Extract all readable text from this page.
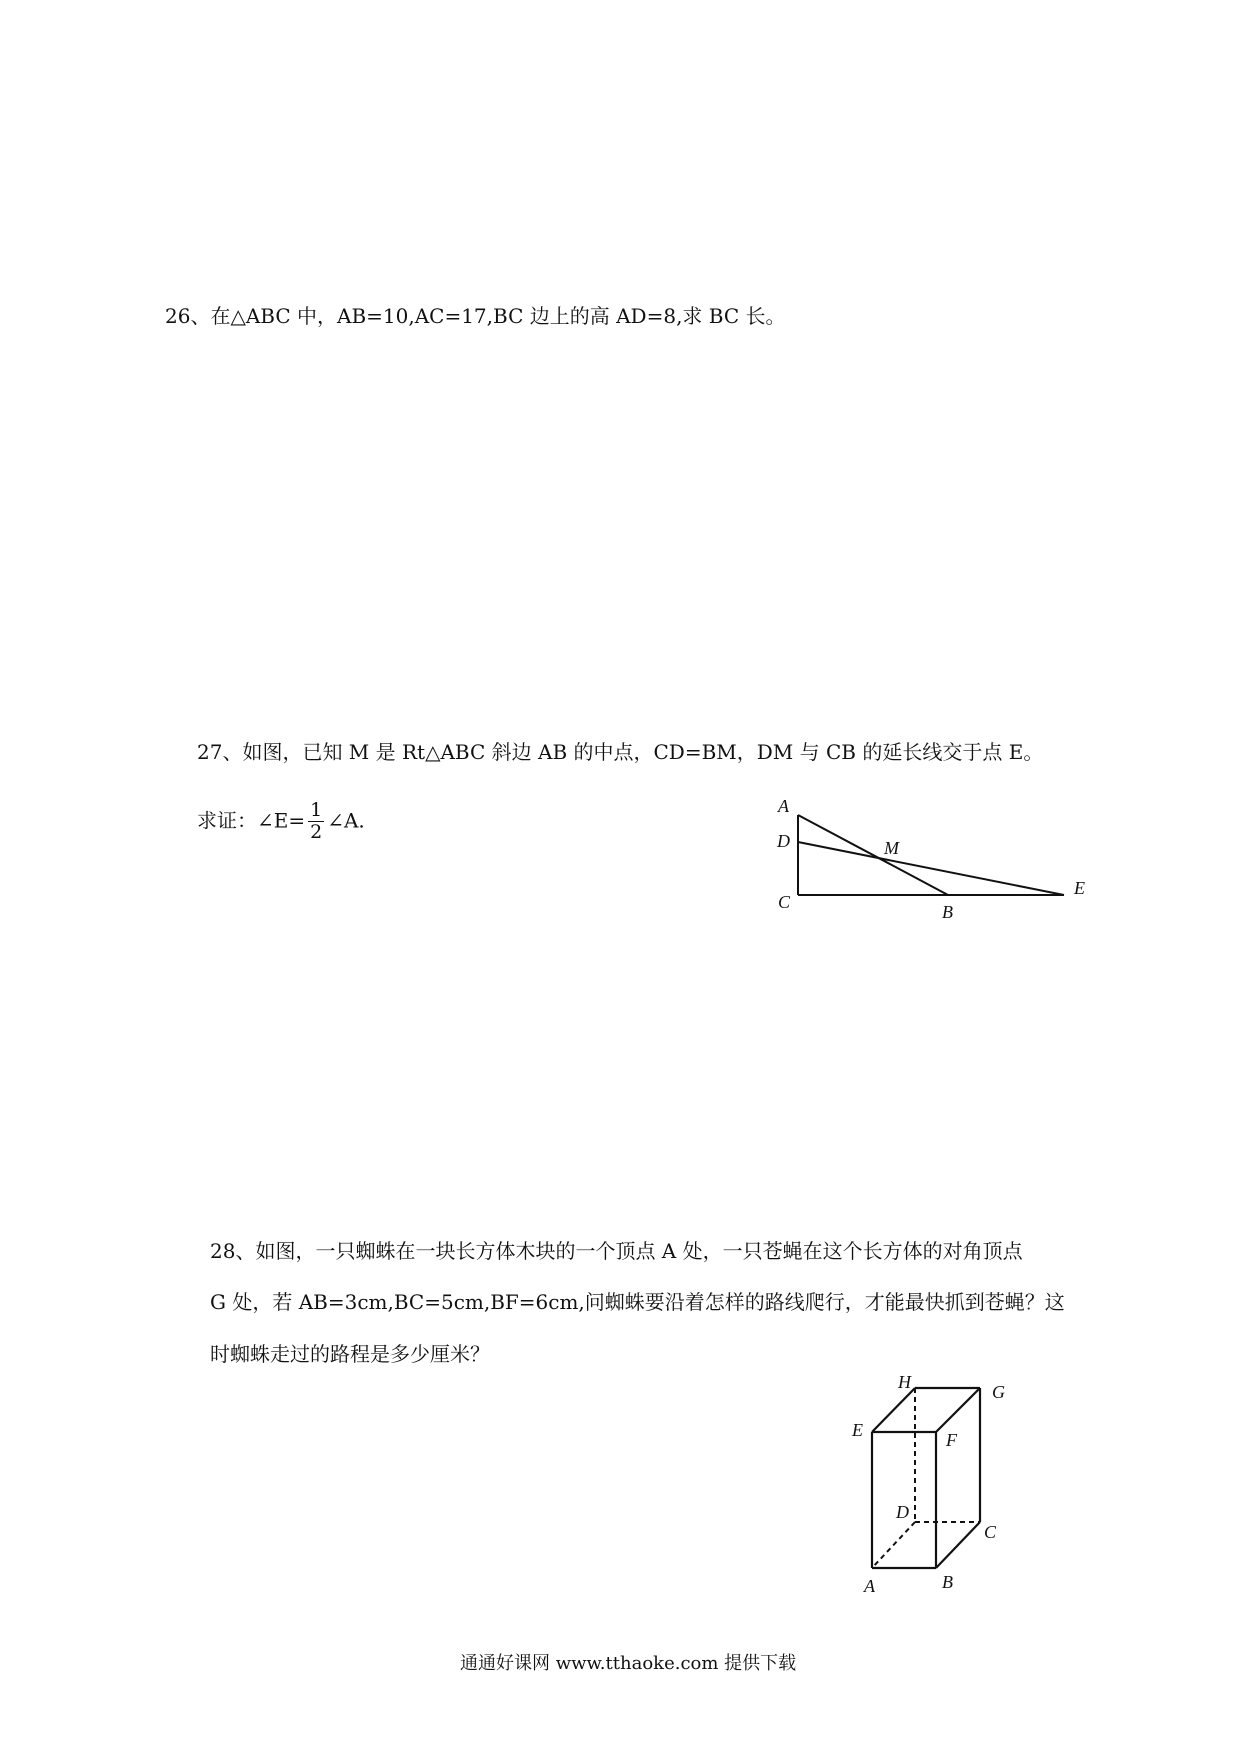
26、在△ABC 中，AB=10,AC=17,BC 边上的高 AD=8,求 BC 长。
27、如图，已知 M 是 Rt△ABC 斜边 AB 的中点，CD=BM，DM 与 CB 的延长线交于点 E。
求证：∠E= $\frac{1}{2}$ ∠A.
A
D	M
E
C	B
28、如图，一只蜘蛛在一块长方体木块的一个顶点 A 处，一只苍蝇在这个长方体的对角顶点
G 处，若 AB=3cm,BC=5cm,BF=6cm,问蜘蛛要沿着怎样的路线爬行，才能最快抓到苍蝇？这
时蜘蛛走过的路程是多少厘米？
H	G
E	F
D
C
A	B
通通好课网 www.tthaoke.com 提供下载
